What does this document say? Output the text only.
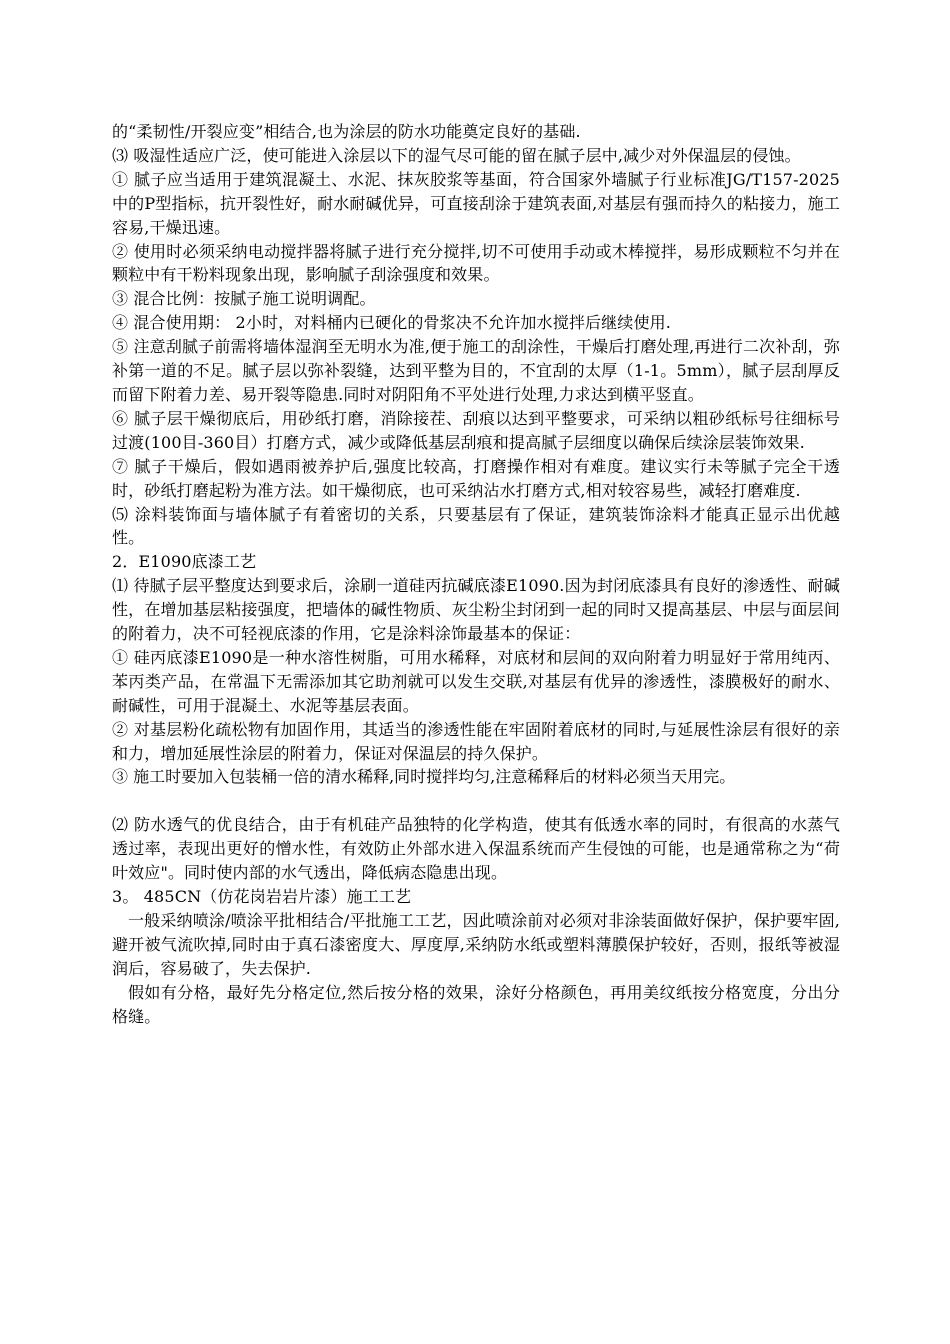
的“柔韧性/开裂应变”相结合,也为涂层的防水功能奠定良好的基础.

⑶ 吸湿性适应广泛，使可能进入涂层以下的湿气尽可能的留在腻子层中,减少对外保温层的侵蚀。

① 腻子应当适用于建筑混凝土、水泥、抹灰胶浆等基面，符合国家外墙腻子行业标准JG/T157-2025中的P型指标，抗开裂性好，耐水耐碱优异，可直接刮涂于建筑表面,对基层有强而持久的粘接力，施工容易,干燥迅速。

② 使用时必须采纳电动搅拌器将腻子进行充分搅拌,切不可使用手动或木棒搅拌，易形成颗粒不匀并在颗粒中有干粉料现象出现，影响腻子刮涂强度和效果。

③ 混合比例：按腻子施工说明调配。

④ 混合使用期： 2小时，对料桶内已硬化的骨浆决不允许加水搅拌后继续使用.

⑤ 注意刮腻子前需将墙体湿润至无明水为准,便于施工的刮涂性，干燥后打磨处理,再进行二次补刮，弥补第一道的不足。腻子层以弥补裂缝，达到平整为目的，不宜刮的太厚（1-1。5mm），腻子层刮厚反而留下附着力差、易开裂等隐患.同时对阴阳角不平处进行处理,力求达到横平竖直。

⑥ 腻子层干燥彻底后，用砂纸打磨，消除接茬、刮痕以达到平整要求，可采纳以粗砂纸标号往细标号过渡(100目-360目）打磨方式，减少或降低基层刮痕和提高腻子层细度以确保后续涂层装饰效果.

⑦ 腻子干燥后，假如遇雨被养护后,强度比较高，打磨操作相对有难度。建议实行未等腻子完全干透时，砂纸打磨起粉为准方法。如干燥彻底，也可采纳沾水打磨方式,相对较容易些，减轻打磨难度.

⑸ 涂料装饰面与墙体腻子有着密切的关系，只要基层有了保证，建筑装饰涂料才能真正显示出优越性。

2．E1090底漆工艺

⑴ 待腻子层平整度达到要求后，涂刷一道硅丙抗碱底漆E1090.因为封闭底漆具有良好的渗透性、耐碱性，在增加基层粘接强度，把墙体的碱性物质、灰尘粉尘封闭到一起的同时又提高基层、中层与面层间的附着力，决不可轻视底漆的作用，它是涂料涂饰最基本的保证：

① 硅丙底漆E1090是一种水溶性树脂，可用水稀释，对底材和层间的双向附着力明显好于常用纯丙、苯丙类产品，在常温下无需添加其它助剂就可以发生交联,对基层有优异的渗透性，漆膜极好的耐水、耐碱性，可用于混凝土、水泥等基层表面。

② 对基层粉化疏松物有加固作用，其适当的渗透性能在牢固附着底材的同时,与延展性涂层有很好的亲和力，增加延展性涂层的附着力，保证对保温层的持久保护。

③ 施工时要加入包装桶一倍的清水稀释,同时搅拌均匀,注意稀释后的材料必须当天用完。

⑵ 防水透气的优良结合，由于有机硅产品独特的化学构造，使其有低透水率的同时，有很高的水蒸气透过率，表现出更好的憎水性，有效防止外部水进入保温系统而产生侵蚀的可能，也是通常称之为“荷叶效应"。同时使内部的水气透出，降低病态隐患出现。

3。 485CN（仿花岗岩岩片漆）施工工艺

一般采纳喷涂/喷涂平批相结合/平批施工工艺，因此喷涂前对必须对非涂装面做好保护，保护要牢固,避开被气流吹掉,同时由于真石漆密度大、厚度厚,采纳防水纸或塑料薄膜保护较好，否则，报纸等被湿润后，容易破了，失去保护.

假如有分格，最好先分格定位,然后按分格的效果，涂好分格颜色，再用美纹纸按分格宽度，分出分格缝。
